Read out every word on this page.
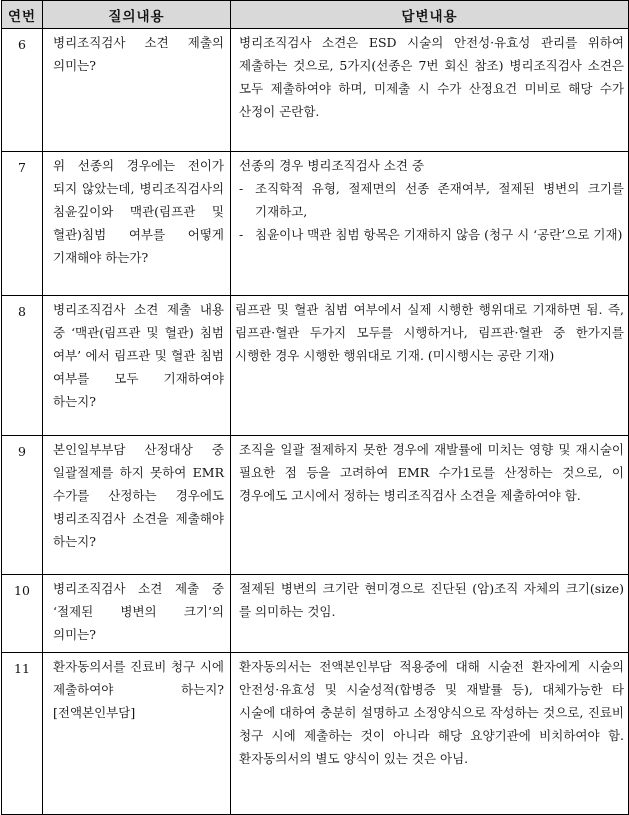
연번	질의내용	답변내용
6	병리조직검사 소견 제출의 의미는?	병리조직검사 소견은 ESD 시술의 안전성·유효성 관리를 위하여 제출하는 것으로, 5가지(선종은 7번 회신 참조) 병리조직검사 소견은 모두 제출하여야 하며, 미제출 시 수가 산정요건 미비로 해당 수가 산정이 곤란함.
7	위 선종의 경우에는 전이가 되지 않았는데, 병리조직검사의 침윤깊이와 맥관(림프관 및 혈관)침범 여부를 어떻게 기재해야 하는가?	선종의 경우 병리조직검사 소견 중

- 조직학적 유형, 절제면의 선종 존재여부, 절제된 병변의 크기를 기재하고,

- 침윤이나 맥관 침범 항목은 기재하지 않음 (청구 시 ‘공란’으로 기재)

8	병리조직검사 소견 제출 내용 중 ‘맥관(림프관 및 혈관) 침범 여부’ 에서 림프관 및 혈관 침범 여부를 모두 기재하여야 하는지?	림프관 및 혈관 침범 여부에서 실제 시행한 행위대로 기재하면 됨. 즉, 림프관·혈관 두가지 모두를 시행하거나, 림프관·혈관 중 한가지를 시행한 경우 시행한 행위대로 기재. (미시행시는 공란 기재)
9	본인일부부담 산정대상 중 일괄절제를 하지 못하여 EMR 수가를 산정하는 경우에도 병리조직검사 소견을 제출해야 하는지?	조직을 일괄 절제하지 못한 경우에 재발률에 미치는 영향 및 재시술이 필요한 점 등을 고려하여 EMR 수가1로를 산정하는 것으로, 이 경우에도 고시에서 정하는 병리조직검사 소견을 제출하여야 함.
10	병리조직검사 소견 제출 중 ‘절제된 병변의 크기’의 의미는?	절제된 병변의 크기란 현미경으로 진단된 (암)조직 자체의 크기(size)를 의미하는 것임.
11	환자동의서를 진료비 청구 시에 제출하여야 하는지? [전액본인부담]	환자동의서는 전액본인부담 적용중에 대해 시술전 환자에게 시술의 안전성·유효성 및 시술성적(합병증 및 재발률 등), 대체가능한 타 시술에 대하여 충분히 설명하고 소정양식으로 작성하는 것으로, 진료비 청구 시에 제출하는 것이 아니라 해당 요양기관에 비치하여야 함. 환자동의서의 별도 양식이 있는 것은 아님.
